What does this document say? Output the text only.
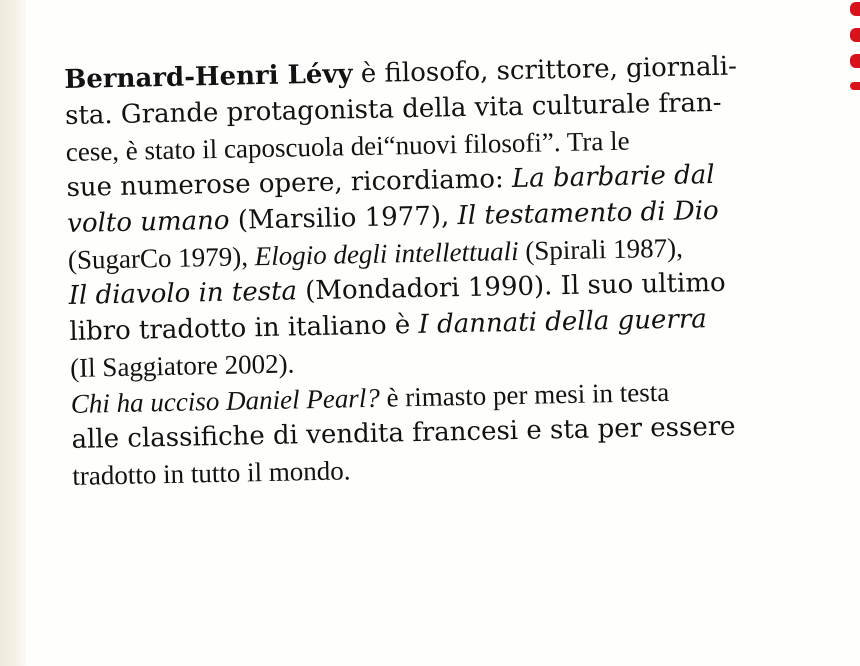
Bernard-Henri Lévy è filosofo, scrittore, giornali-
sta. Grande protagonista della vita culturale fran-
cese, è stato il caposcuola dei“nuovi filosofi”. Tra le
sue numerose opere, ricordiamo: La barbarie dal
volto umano (Marsilio 1977), Il testamento di Dio
(SugarCo 1979), Elogio degli intellettuali (Spirali 1987),
Il diavolo in testa (Mondadori 1990). Il suo ultimo
libro tradotto in italiano è I dannati della guerra
(Il Saggiatore 2002).
Chi ha ucciso Daniel Pearl? è rimasto per mesi in testa
alle classifiche di vendita francesi e sta per essere
tradotto in tutto il mondo.
